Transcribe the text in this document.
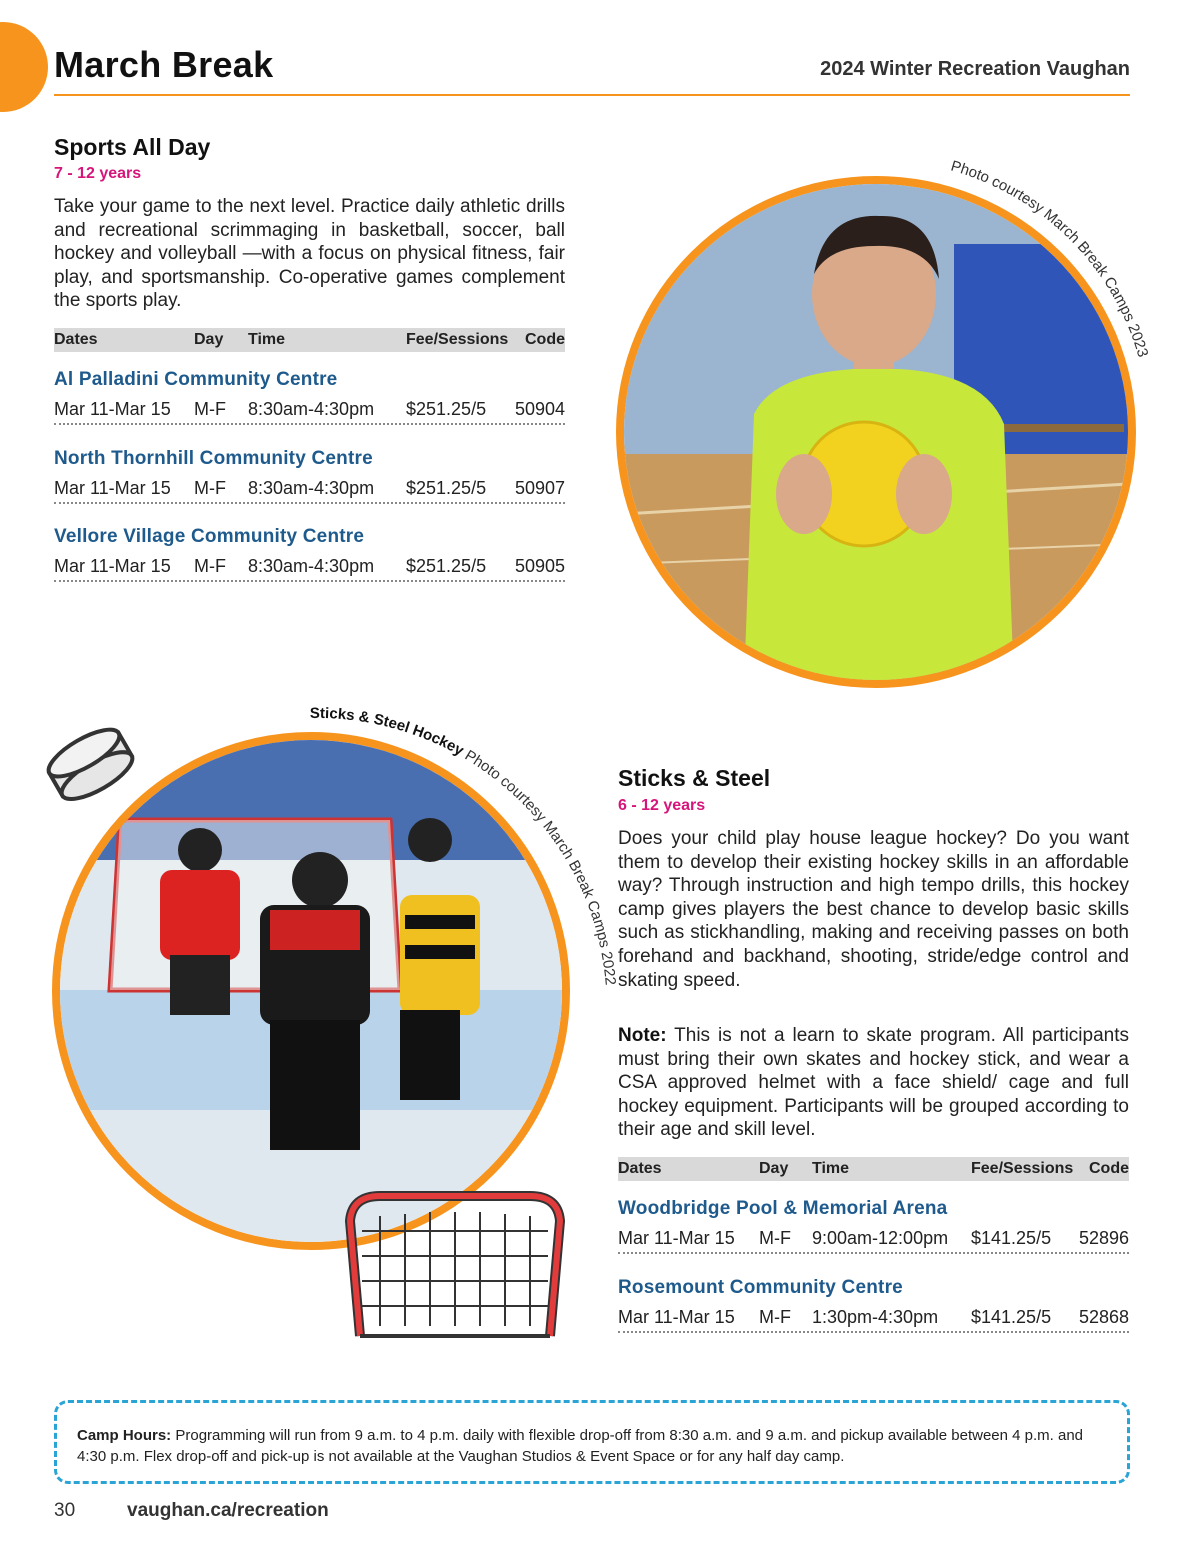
March Break	2024 Winter Recreation Vaughan
Sports All Day
7 - 12 years
Take your game to the next level. Practice daily athletic drills and recreational scrimmaging in basketball, soccer, ball hockey and volleyball —with a focus on physical fitness, fair play, and sportsmanship. Co-operative games complement the sports play.
Dates	Day Time	Fee/Sessions Code
Al Palladini Community Centre
Mar 11-Mar 15 M-F 8:30am-4:30pm $251.25/5 50904
North Thornhill Community Centre
Mar 11-Mar 15 M-F 8:30am-4:30pm $251.25/5 50907
Vellore Village Community Centre
Mar 11-Mar 15 M-F 8:30am-4:30pm $251.25/5 50905
Photo courtesy March Break Camps 2023
Sticks & Steel Hockey Photo courtesy March Break Camps 2022
Sticks & Steel
6 - 12 years
Does your child play house league hockey? Do you want them to develop their existing hockey skills in an affordable way? Through instruction and high tempo drills, this hockey camp gives players the best chance to develop basic skills such as stickhandling, making and receiving passes on both forehand and backhand, shooting, stride/edge control and skating speed.
Note: This is not a learn to skate program. All participants must bring their own skates and hockey stick, and wear a CSA approved helmet with a face shield/ cage and full hockey equipment. Participants will be grouped according to their age and skill level.
Dates	Day Time	Fee/Sessions Code
Woodbridge Pool & Memorial Arena
Mar 11-Mar 15 M-F 9:00am-12:00pm $141.25/5 52896
Rosemount Community Centre
Mar 11-Mar 15 M-F 1:30pm-4:30pm $141.25/5 52868
Camp Hours: Programming will run from 9 a.m. to 4 p.m. daily with flexible drop-off from 8:30 a.m. and 9 a.m. and pickup available between 4 p.m. and 4:30 p.m. Flex drop-off and pick-up is not available at the Vaughan Studios & Event Space or for any half day camp.
30	vaughan.ca/recreation
